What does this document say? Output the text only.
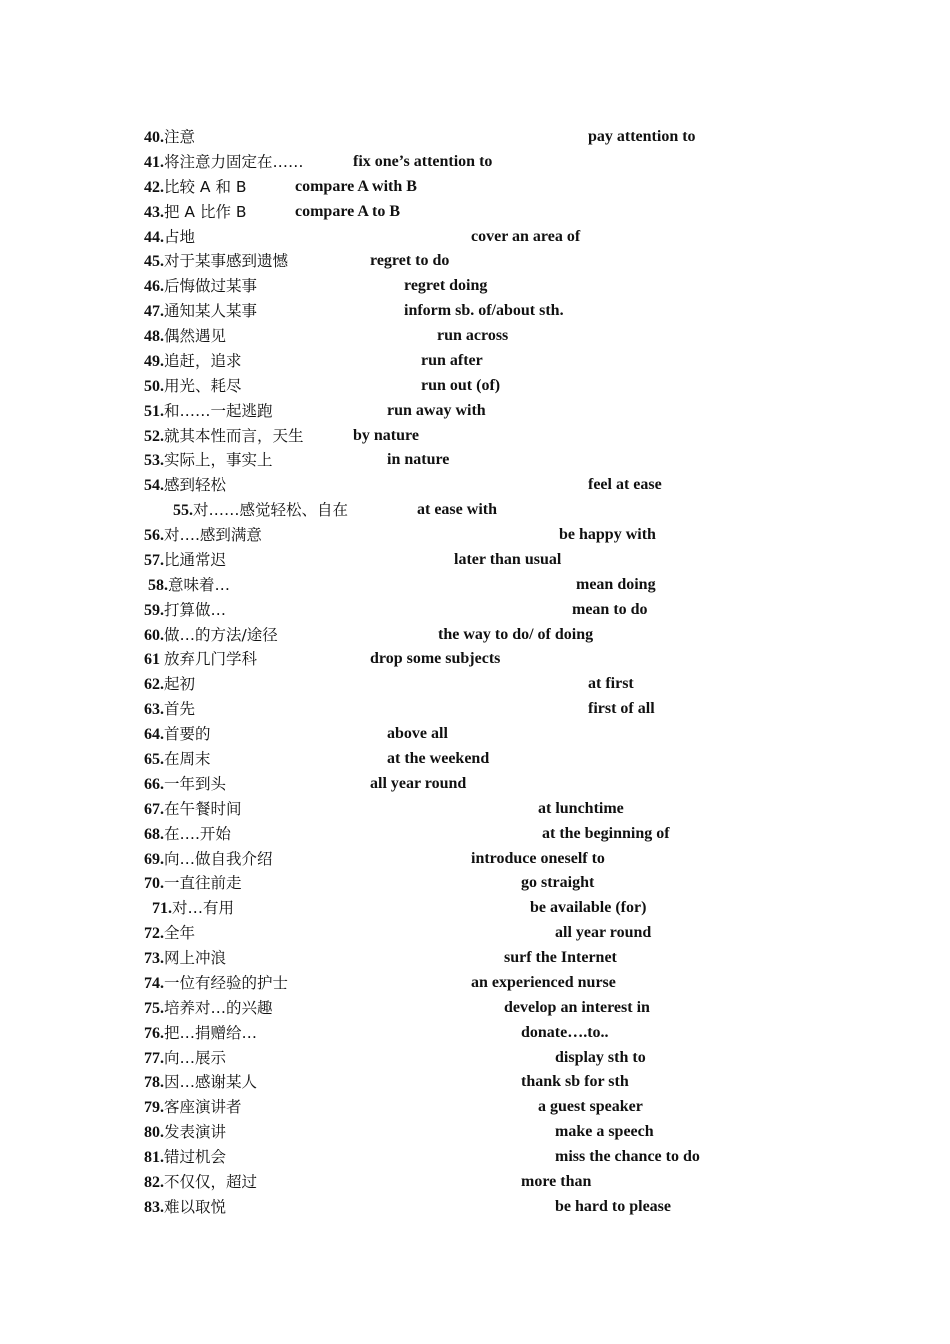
40.注意	pay attention to
41.将注意力固定在……	fix one’s attention to
42.比较 A 和 B	compare A with B
43.把 A 比作 B	compare A to B
44.占地	cover an area of
45.对于某事感到遗憾	regret to do
46.后悔做过某事	regret doing
47.通知某人某事	inform sb. of/about sth.
48.偶然遇见	run across
49.追赶，追求	run after
50.用光、耗尽	run out (of)
51.和……一起逃跑	run away with
52.就其本性而言，天生	by nature
53.实际上，事实上	in nature
54.感到轻松	feel at ease
55.对……感觉轻松、自在	at ease with
56.对….感到满意	be happy with
57.比通常迟	later than usual
58.意味着…	mean doing
59.打算做…	mean to do
60.做…的方法/途径	the way to do/ of doing
61 放弃几门学科	drop some subjects
62.起初	at first
63.首先	first of all
64.首要的	above all
65.在周末	at the weekend
66.一年到头	all year round
67.在午餐时间	at lunchtime
68.在….开始	at the beginning of
69.向…做自我介绍	introduce oneself to
70.一直往前走	go straight
71.对…有用	be available (for)
72.全年	all year round
73.网上冲浪	surf the Internet
74.一位有经验的护士	an experienced nurse
75.培养对…的兴趣	develop an interest in
76.把…捐赠给…	donate….to..
77.向…展示	display sth to
78.因…感谢某人	thank sb for sth
79.客座演讲者	a guest speaker
80.发表演讲	make a speech
81.错过机会	miss the chance to do
82.不仅仅，超过	more than
83.难以取悦	be hard to please
